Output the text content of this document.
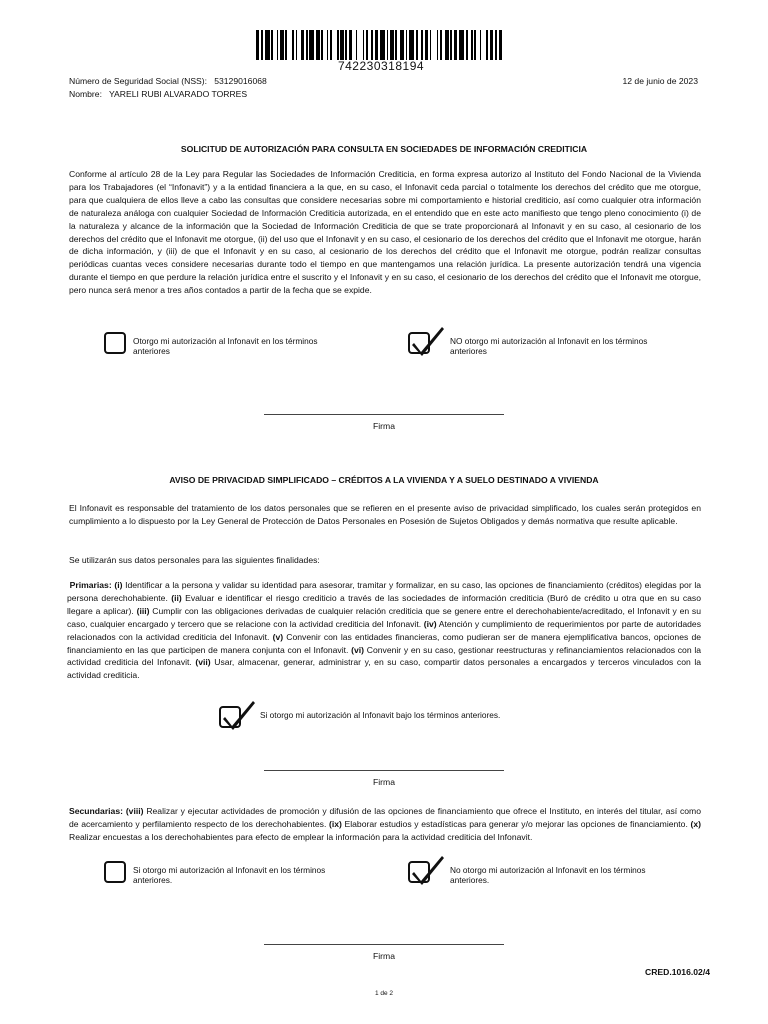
742230318194
Número de Seguridad Social (NSS): 53129016068
Nombre: YARELI RUBI ALVARADO TORRES
12 de junio de 2023
SOLICITUD DE AUTORIZACIÓN PARA CONSULTA EN SOCIEDADES DE INFORMACIÓN CREDITICIA
Conforme al artículo 28 de la Ley para Regular las Sociedades de Información Crediticia, en forma expresa autorizo al Instituto del Fondo Nacional de la Vivienda para los Trabajadores (el “Infonavit”) y a la entidad financiera a la que, en su caso, el Infonavit ceda parcial o totalmente los derechos del crédito que me otorgue, para que cualquiera de ellos lleve a cabo las consultas que considere necesarias sobre mi comportamiento e historial crediticio, así como cualquier otra información de naturaleza análoga con cualquier Sociedad de Información Crediticia autorizada, en el entendido que en este acto manifiesto que tengo pleno conocimiento (i) de la naturaleza y alcance de la información que la Sociedad de Información Crediticia de que se trate proporcionará al Infonavit y en su caso, al cesionario de los derechos del crédito que el Infonavit me otorgue, (ii) del uso que el Infonavit y en su caso, el cesionario de los derechos del crédito que el Infonavit me otorgue, harán de dicha información, y (iii) de que el Infonavit y en su caso, al cesionario de los derechos del crédito que el Infonavit me otorgue, podrán realizar consultas periódicas cuantas veces considere necesarias durante todo el tiempo en que mantengamos una relación jurídica. La presente autorización tendrá una vigencia durante el tiempo en que perdure la relación jurídica entre el suscrito y el Infonavit y en su caso, el cesionario de los derechos del crédito que el Infonavit me otorgue, pero nunca será menor a tres años contados a partir de la fecha que se expide.
Otorgo mi autorización al Infonavit en los términos anteriores
NO otorgo mi autorización al Infonavit en los términos anteriores
Firma
AVISO DE PRIVACIDAD SIMPLIFICADO – CRÉDITOS A LA VIVIENDA Y A SUELO DESTINADO A VIVIENDA
El Infonavit es responsable del tratamiento de los datos personales que se refieren en el presente aviso de privacidad simplificado, los cuales serán protegidos en cumplimiento a lo dispuesto por la Ley General de Protección de Datos Personales en Posesión de Sujetos Obligados y demás normativa que resulte aplicable.
Se utilizarán sus datos personales para las siguientes finalidades:
Primarias: (i) Identificar a la persona y validar su identidad para asesorar, tramitar y formalizar, en su caso, las opciones de financiamiento (créditos) elegidas por la persona derechohabiente. (ii) Evaluar e identificar el riesgo crediticio a través de las sociedades de información crediticia (Buró de crédito u otra que en su caso llegare a aplicar). (iii) Cumplir con las obligaciones derivadas de cualquier relación crediticia que se genere entre el derechohabiente/acreditado, el Infonavit y en su caso, cualquier encargado y tercero que se relacione con la actividad crediticia del Infonavit. (iv) Atención y cumplimiento de requerimientos por parte de autoridades relacionados con la actividad crediticia del Infonavit. (v) Convenir con las entidades financieras, como pudieran ser de manera ejemplificativa bancos, opciones de financiamiento en las que participen de manera conjunta con el Infonavit. (vi) Convenir y en su caso, gestionar reestructuras y refinanciamientos relacionados con la actividad crediticia del Infonavit. (vii) Usar, almacenar, generar, administrar y, en su caso, compartir datos personales a encargados y terceros vinculados con la actividad crediticia.
Si otorgo mi autorización al Infonavit bajo los términos anteriores.
Firma
Secundarias: (viii) Realizar y ejecutar actividades de promoción y difusión de las opciones de financiamiento que ofrece el Instituto, en interés del titular, así como de acercamiento y perfilamiento respecto de los derechohabientes. (ix) Elaborar estudios y estadísticas para generar y/o mejorar las opciones de financiamiento. (x) Realizar encuestas a los derechohabientes para efecto de emplear la información para la actividad crediticia del Infonavit.
Si otorgo mi autorización al Infonavit en los términos anteriores.
No otorgo mi autorización al Infonavit en los términos anteriores.
Firma
CRED.1016.02/4
1 de 2
